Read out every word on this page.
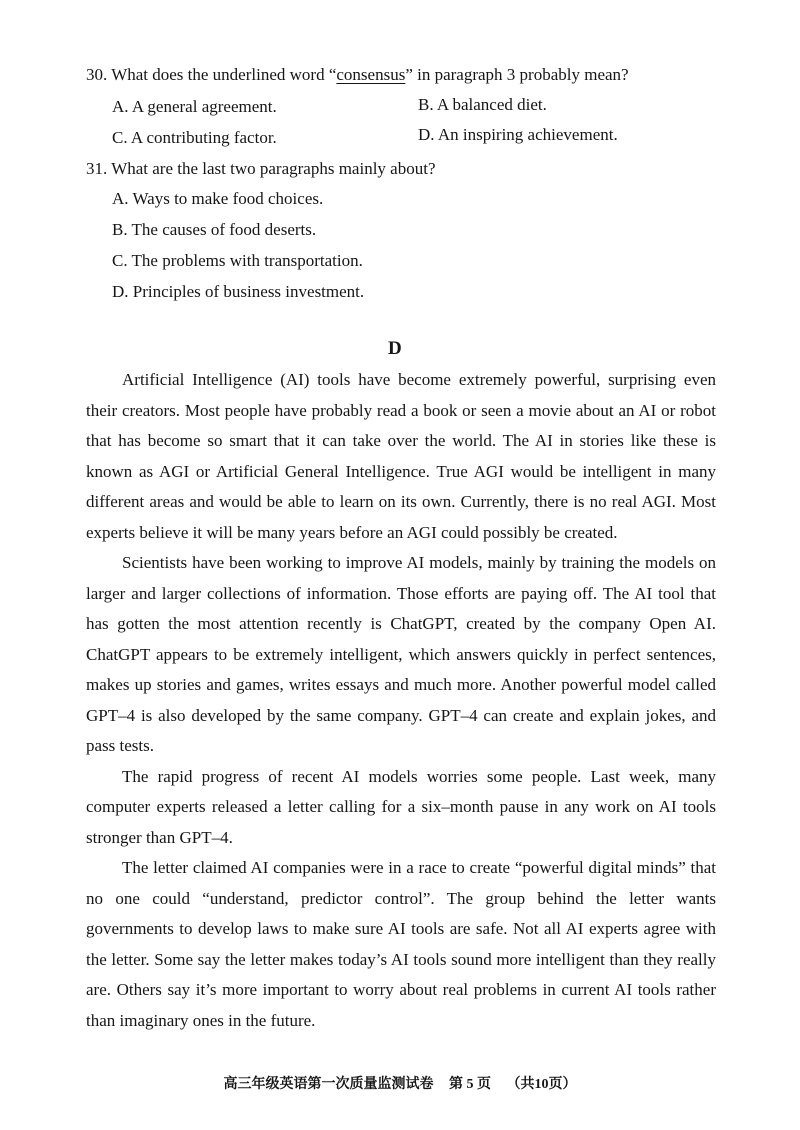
30. What does the underlined word “consensus” in paragraph 3 probably mean?
A. A general agreement.	B. A balanced diet.
C. A contributing factor.	D. An inspiring achievement.
31. What are the last two paragraphs mainly about?
A. Ways to make food choices.
B. The causes of food deserts.
C. The problems with transportation.
D. Principles of business investment.
D

Artificial Intelligence (AI) tools have become extremely powerful, surprising even their creators. Most people have probably read a book or seen a movie about an AI or robot that has become so smart that it can take over the world. The AI in stories like these is known as AGI or Artificial General Intelligence. True AGI would be intelligent in many different areas and would be able to learn on its own. Currently, there is no real AGI. Most experts believe it will be many years before an AGI could possibly be created.

Scientists have been working to improve AI models, mainly by training the models on larger and larger collections of information. Those efforts are paying off. The AI tool that has gotten the most attention recently is ChatGPT, created by the company Open AI. ChatGPT appears to be extremely intelligent, which answers quickly in perfect sentences, makes up stories and games, writes essays and much more. Another powerful model called GPT–4 is also developed by the same company. GPT–4 can create and explain jokes, and pass tests.

The rapid progress of recent AI models worries some people. Last week, many computer experts released a letter calling for a six–month pause in any work on AI tools stronger than GPT–4.

The letter claimed AI companies were in a race to create “powerful digital minds” that no one could “understand, predictor control”. The group behind the letter wants governments to develop laws to make sure AI tools are safe. Not all AI experts agree with the letter. Some say the letter makes today’s AI tools sound more intelligent than they really are. Others say it’s more important to worry about real problems in current AI tools rather than imaginary ones in the future.

高三年级英语第一次质量监测试卷 第 5 页 （共10页）
